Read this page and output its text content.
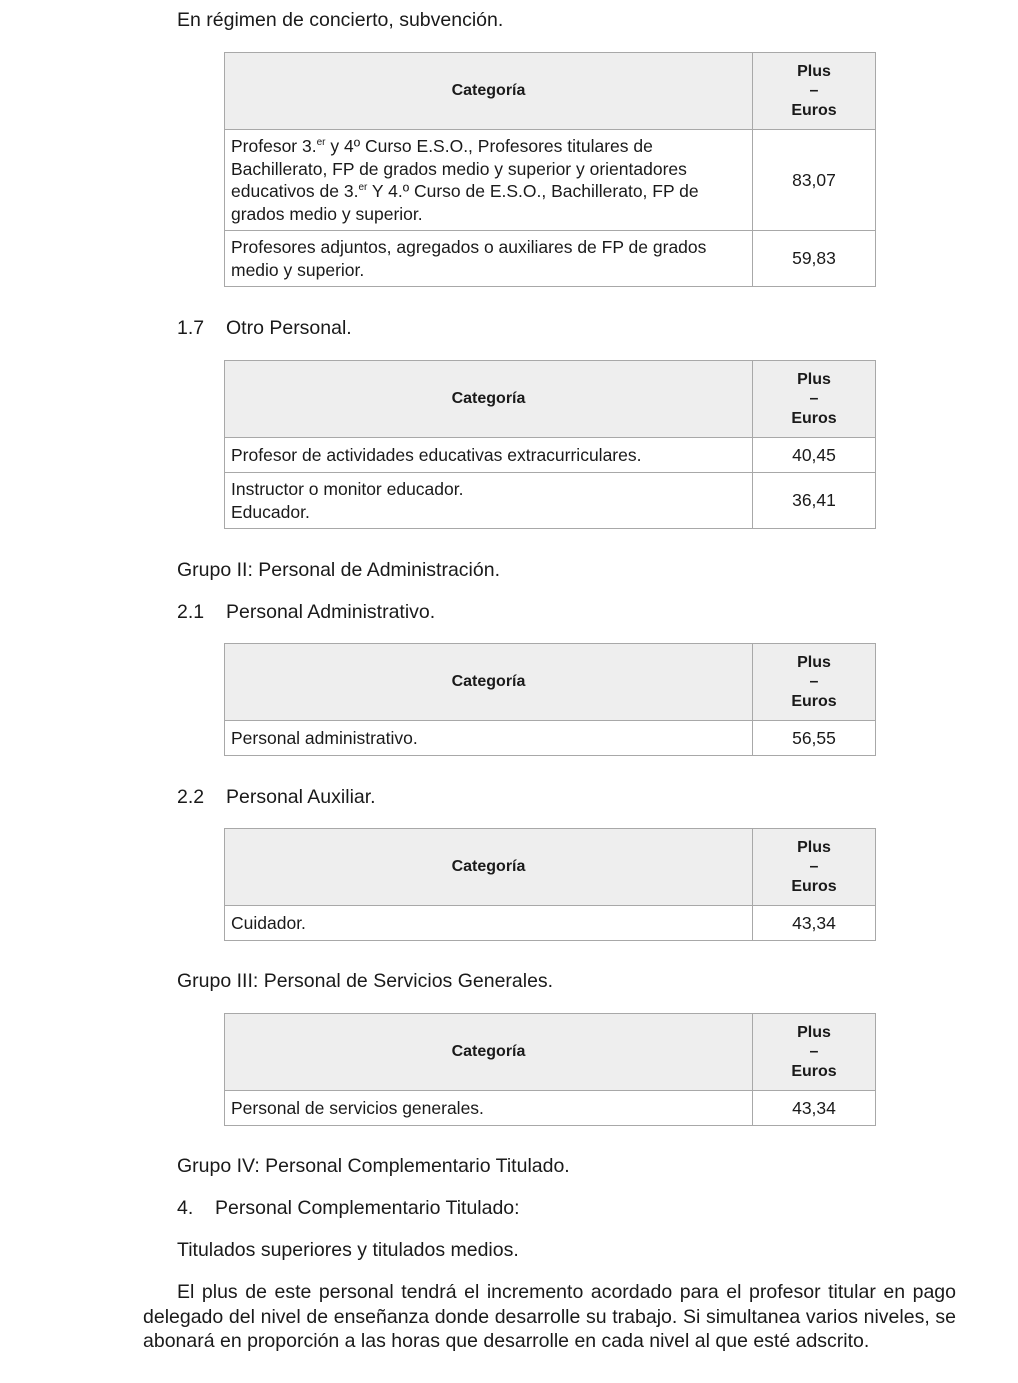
En régimen de concierto, subvención.
Categoría	Plus
–
Euros

Profesor 3.$^{er}$ y 4º Curso E.S.O., Profesores titulares de Bachillerato, FP de grados medio y superior y orientadores educativos de 3.$^{er}$ Y 4.º Curso de E.S.O., Bachillerato, FP de grados medio y superior.	83,07
Profesores adjuntos, agregados o auxiliares de FP de grados medio y superior.	59,83
1.7 Otro Personal.
Categoría	Plus
–
Euros

Profesor de actividades educativas extracurriculares.	40,45

Instructor o monitor educador.
Educador.	36,41
Grupo II: Personal de Administración.
2.1 Personal Administrativo.
Categoría	Plus
–
Euros

Personal administrativo.	56,55
2.2 Personal Auxiliar.
Categoría	Plus
–
Euros

Cuidador.	43,34
Grupo III: Personal de Servicios Generales.
Categoría	Plus
–
Euros

Personal de servicios generales.	43,34
Grupo IV: Personal Complementario Titulado.
4. Personal Complementario Titulado:
Titulados superiores y titulados medios.
El plus de este personal tendrá el incremento acordado para el profesor titular en pago delegado del nivel de enseñanza donde desarrolle su trabajo. Si simultanea varios niveles, se abonará en proporción a las horas que desarrolle en cada nivel al que esté adscrito.
